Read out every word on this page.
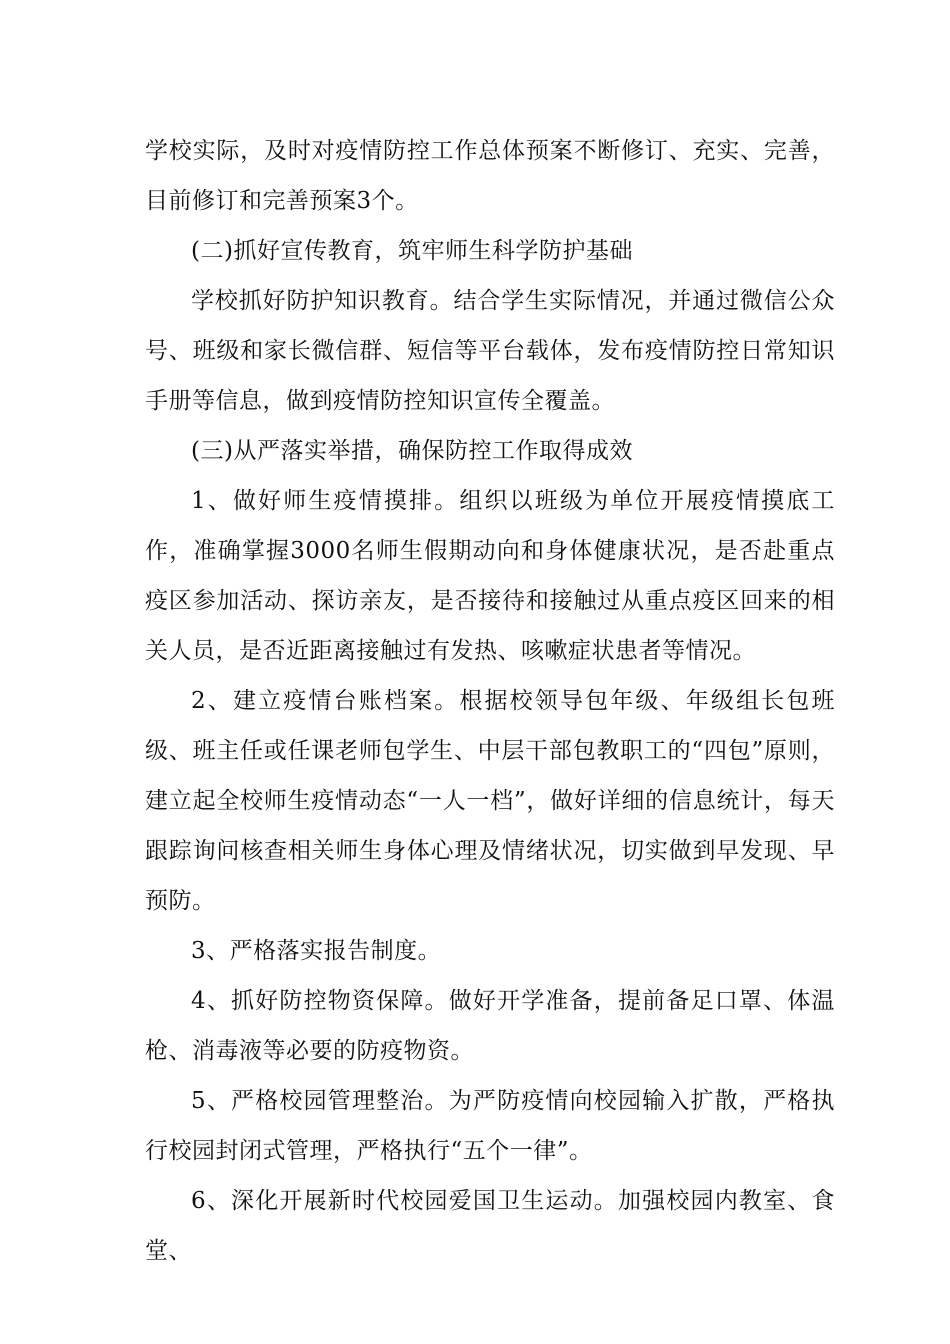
学校实际，及时对疫情防控工作总体预案不断修订、充实、完善，目前修订和完善预案3个。

(二)抓好宣传教育，筑牢师生科学防护基础

学校抓好防护知识教育。结合学生实际情况，并通过微信公众号、班级和家长微信群、短信等平台载体，发布疫情防控日常知识手册等信息，做到疫情防控知识宣传全覆盖。

(三)从严落实举措，确保防控工作取得成效

1、做好师生疫情摸排。组织以班级为单位开展疫情摸底工作，准确掌握3000名师生假期动向和身体健康状况，是否赴重点疫区参加活动、探访亲友，是否接待和接触过从重点疫区回来的相关人员，是否近距离接触过有发热、咳嗽症状患者等情况。

2、建立疫情台账档案。根据校领导包年级、年级组长包班级、班主任或任课老师包学生、中层干部包教职工的“四包”原则，建立起全校师生疫情动态“一人一档”，做好详细的信息统计，每天跟踪询问核查相关师生身体心理及情绪状况，切实做到早发现、早预防。

3、严格落实报告制度。

4、抓好防控物资保障。做好开学准备，提前备足口罩、体温枪、消毒液等必要的防疫物资。

5、严格校园管理整治。为严防疫情向校园输入扩散，严格执行校园封闭式管理，严格执行“五个一律”。

6、深化开展新时代校园爱国卫生运动。加强校园内教室、食堂、
